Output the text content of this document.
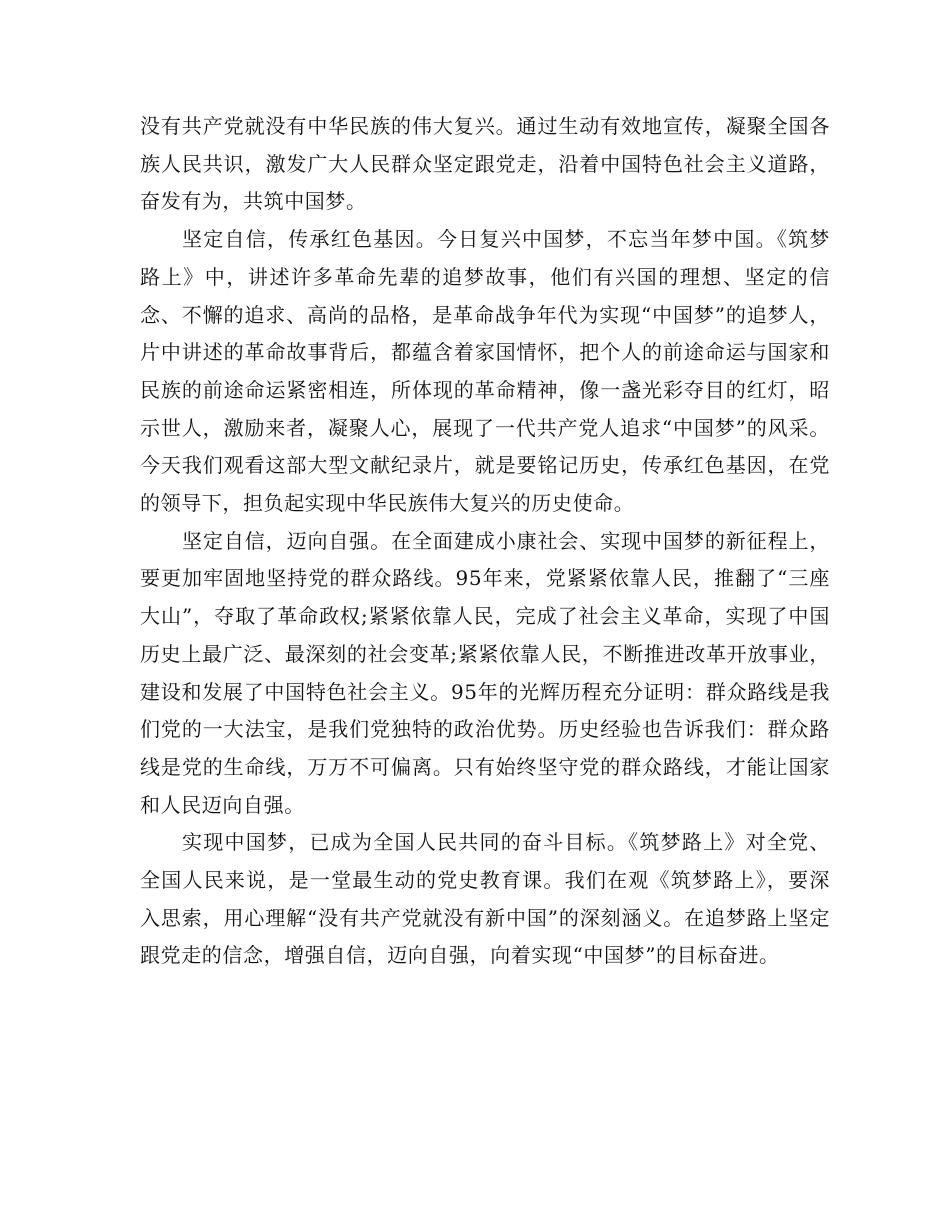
没有共产党就没有中华民族的伟大复兴。通过生动有效地宣传，凝聚全国各族人民共识，激发广大人民群众坚定跟党走，沿着中国特色社会主义道路，奋发有为，共筑中国梦。

坚定自信，传承红色基因。今日复兴中国梦，不忘当年梦中国。《筑梦路上》中，讲述许多革命先辈的追梦故事，他们有兴国的理想、坚定的信念、不懈的追求、高尚的品格，是革命战争年代为实现“中国梦”的追梦人，片中讲述的革命故事背后，都蕴含着家国情怀，把个人的前途命运与国家和民族的前途命运紧密相连，所体现的革命精神，像一盏光彩夺目的红灯，昭示世人，激励来者，凝聚人心，展现了一代共产党人追求“中国梦”的风采。今天我们观看这部大型文献纪录片，就是要铭记历史，传承红色基因，在党的领导下，担负起实现中华民族伟大复兴的历史使命。

坚定自信，迈向自强。在全面建成小康社会、实现中国梦的新征程上，要更加牢固地坚持党的群众路线。95年来，党紧紧依靠人民，推翻了“三座大山”，夺取了革命政权;紧紧依靠人民，完成了社会主义革命，实现了中国历史上最广泛、最深刻的社会变革;紧紧依靠人民，不断推进改革开放事业，建设和发展了中国特色社会主义。95年的光辉历程充分证明：群众路线是我们党的一大法宝，是我们党独特的政治优势。历史经验也告诉我们：群众路线是党的生命线，万万不可偏离。只有始终坚守党的群众路线，才能让国家和人民迈向自强。

实现中国梦，已成为全国人民共同的奋斗目标。《筑梦路上》对全党、全国人民来说，是一堂最生动的党史教育课。我们在观《筑梦路上》，要深入思索，用心理解“没有共产党就没有新中国”的深刻涵义。在追梦路上坚定跟党走的信念，增强自信，迈向自强，向着实现“中国梦”的目标奋进。
